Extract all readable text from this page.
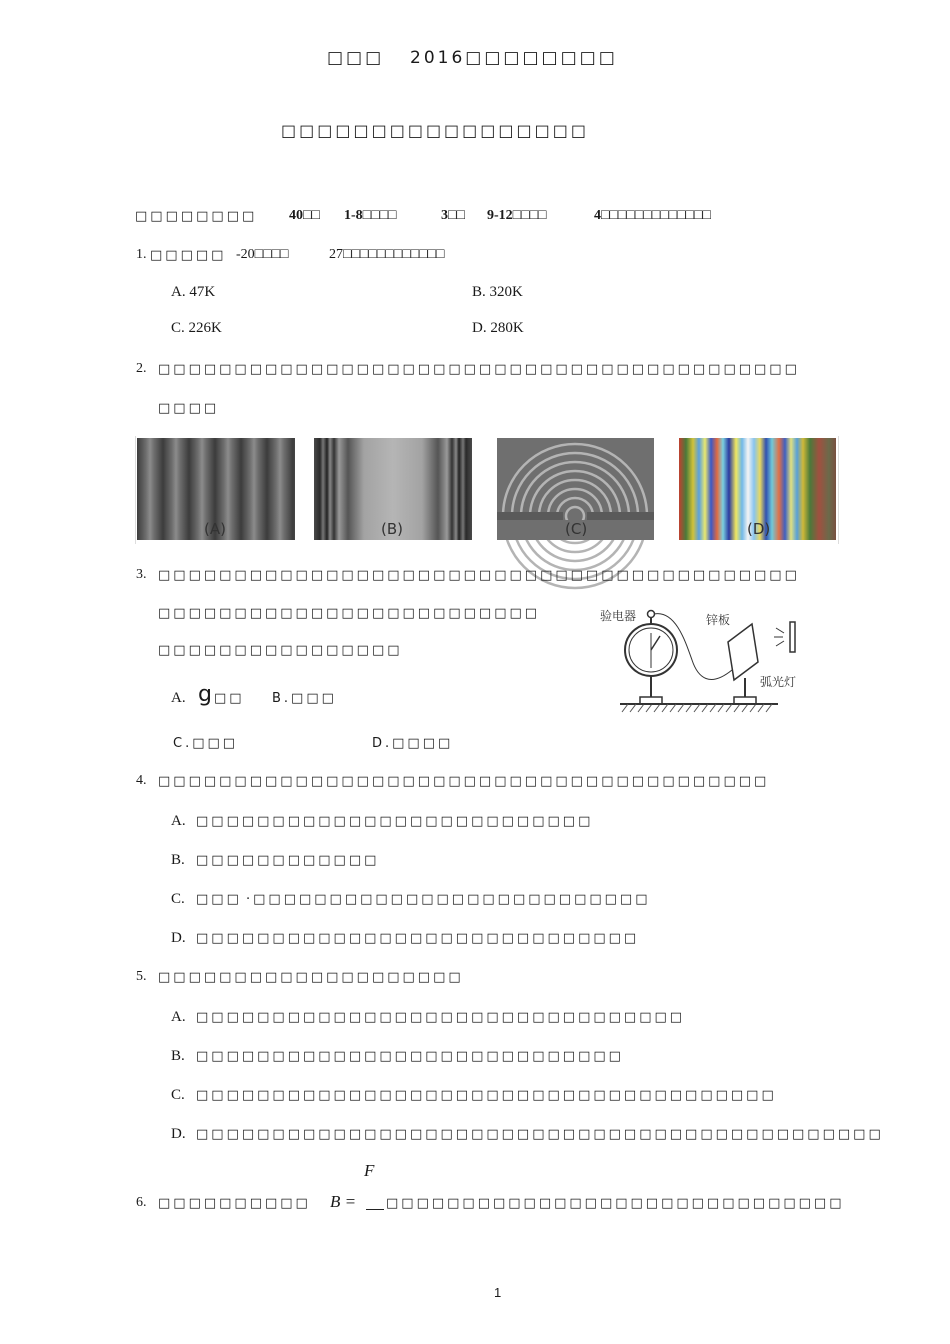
□□□ 2016□□□□□□□□
□□□□□□□□□□□□□□□□□
□□□□□□□□ 40□□ 1-8□□□□	3□□ 9-12□□□□	4□□□□□□□□□□□□□
1. □□□□□ -20□□□□	27□□□□□□□□□□□□
A. 47K	B. 320K
C. 226K	D. 280K
2. □□□□□□□□□□□□□□□□□□□□□□□□□□□□□□□□□□□□□□□□□□
□□□□
(A)	(B)	(C)	(D)
3. □□□□□□□□□□□□□□□□□□□□□□□□□□□□□□□□□□□□□□□□□□
□□□□□□□□□□□□□□□□□□□□□□□□□
□□□□□□□□□□□□□□□□
A. g □□ B.□□□
C.□□□	D.□□□□
验电器	锌板
弧光灯
4. □□□□□□□□□□□□□□□□□□□□□□□□□□□□□□□□□□□□□□□□
A. □□□□□□□□□□□□□□□□□□□□□□□□□□
B. □□□□□□□□□□□□
C. □□□ ·□□□□□□□□□□□□□□□□□□□□□□□□□□
D. □□□□□□□□□□□□□□□□□□□□□□□□□□□□□
5. □□□□□□□□□□□□□□□□□□□□
A. □□□□□□□□□□□□□□□□□□□□□□□□□□□□□□□□
B. □□□□□□□□□□□□□□□□□□□□□□□□□□□□
C. □□□□□□□□□□□□□□□□□□□□□□□□□□□□□□□□□□□□□□
D. □□□□□□□□□□□□□□□□□□□□□□□□□□□□□□□□□□□□□□□□□□□□□
F
6. □□□□□□□□□□ B = □□□□□□□□□□□□□□□□□□□□□□□□□□□□□□
1
